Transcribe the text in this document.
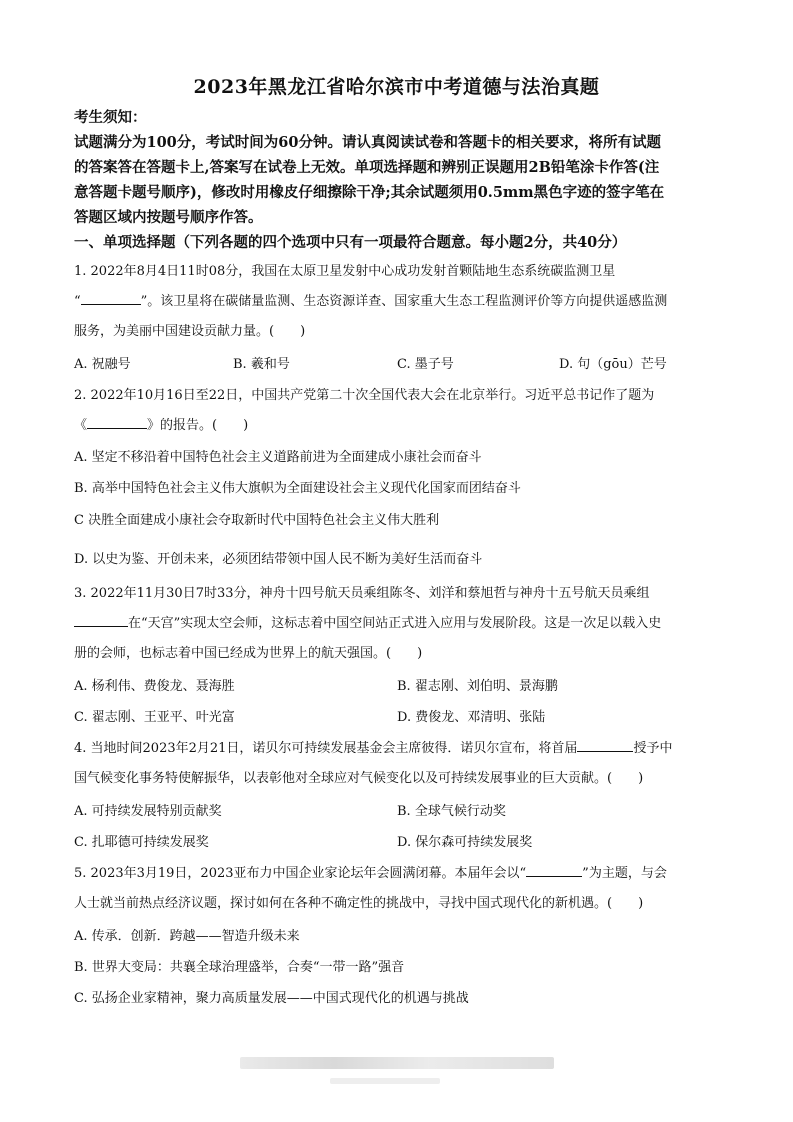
2023年黑龙江省哈尔滨市中考道德与法治真题
考生须知：
试题满分为100分，考试时间为60分钟。请认真阅读试卷和答题卡的相关要求，将所有试题
的答案答在答题卡上,答案写在试卷上无效。单项选择题和辨别正误题用2B铅笔涂卡作答(注
意答题卡题号顺序)，修改时用橡皮仔细擦除干净;其余试题须用0.5mm黑色字迹的签字笔在
答题区域内按题号顺序作答。
一、单项选择题（下列各题的四个选项中只有一项最符合题意。每小题2分，共40分）
1. 2022年8月4日11时08分，我国在太原卫星发射中心成功发射首颗陆地生态系统碳监测卫星
“	”。该卫星将在碳储量监测、生态资源详查、国家重大生态工程监测评价等方向提供遥感监测
服务，为美丽中国建设贡献力量。(　　)
A. 祝融号	B. 羲和号	C. 墨子号	D. 句（gōu）芒号
2. 2022年10月16日至22日，中国共产党第二十次全国代表大会在北京举行。习近平总书记作了题为
《	》的报告。(　　)
A. 坚定不移沿着中国特色社会主义道路前进为全面建成小康社会而奋斗
B. 高举中国特色社会主义伟大旗帜为全面建设社会主义现代化国家而团结奋斗
C 决胜全面建成小康社会夺取新时代中国特色社会主义伟大胜利
D. 以史为鉴、开创未来，必须团结带领中国人民不断为美好生活而奋斗
3. 2022年11月30日7时33分，神舟十四号航天员乘组陈冬、刘洋和蔡旭哲与神舟十五号航天员乘组
在“天宫”实现太空会师，这标志着中国空间站正式进入应用与发展阶段。这是一次足以载入史
册的会师，也标志着中国已经成为世界上的航天强国。(　　)
A. 杨利伟、费俊龙、聂海胜	B. 翟志刚、刘伯明、景海鹏
C. 翟志刚、王亚平、叶光富	D. 费俊龙、邓清明、张陆
4. 当地时间2023年2月21日，诺贝尔可持续发展基金会主席彼得．诺贝尔宣布，将首届	授予中
国气候变化事务特使解振华，以表彰他对全球应对气候变化以及可持续发展事业的巨大贡献。(　　)
A. 可持续发展特别贡献奖	B. 全球气候行动奖
C. 扎耶德可持续发展奖	D. 保尔森可持续发展奖
5. 2023年3月19日，2023亚布力中国企业家论坛年会圆满闭幕。本届年会以“	”为主题，与会
人士就当前热点经济议题，探讨如何在各种不确定性的挑战中，寻找中国式现代化的新机遇。(　　)
A. 传承．创新．跨越——智造升级未来
B. 世界大变局：共襄全球治理盛举，合奏“一带一路”强音
C. 弘扬企业家精神，聚力高质量发展——中国式现代化的机遇与挑战
